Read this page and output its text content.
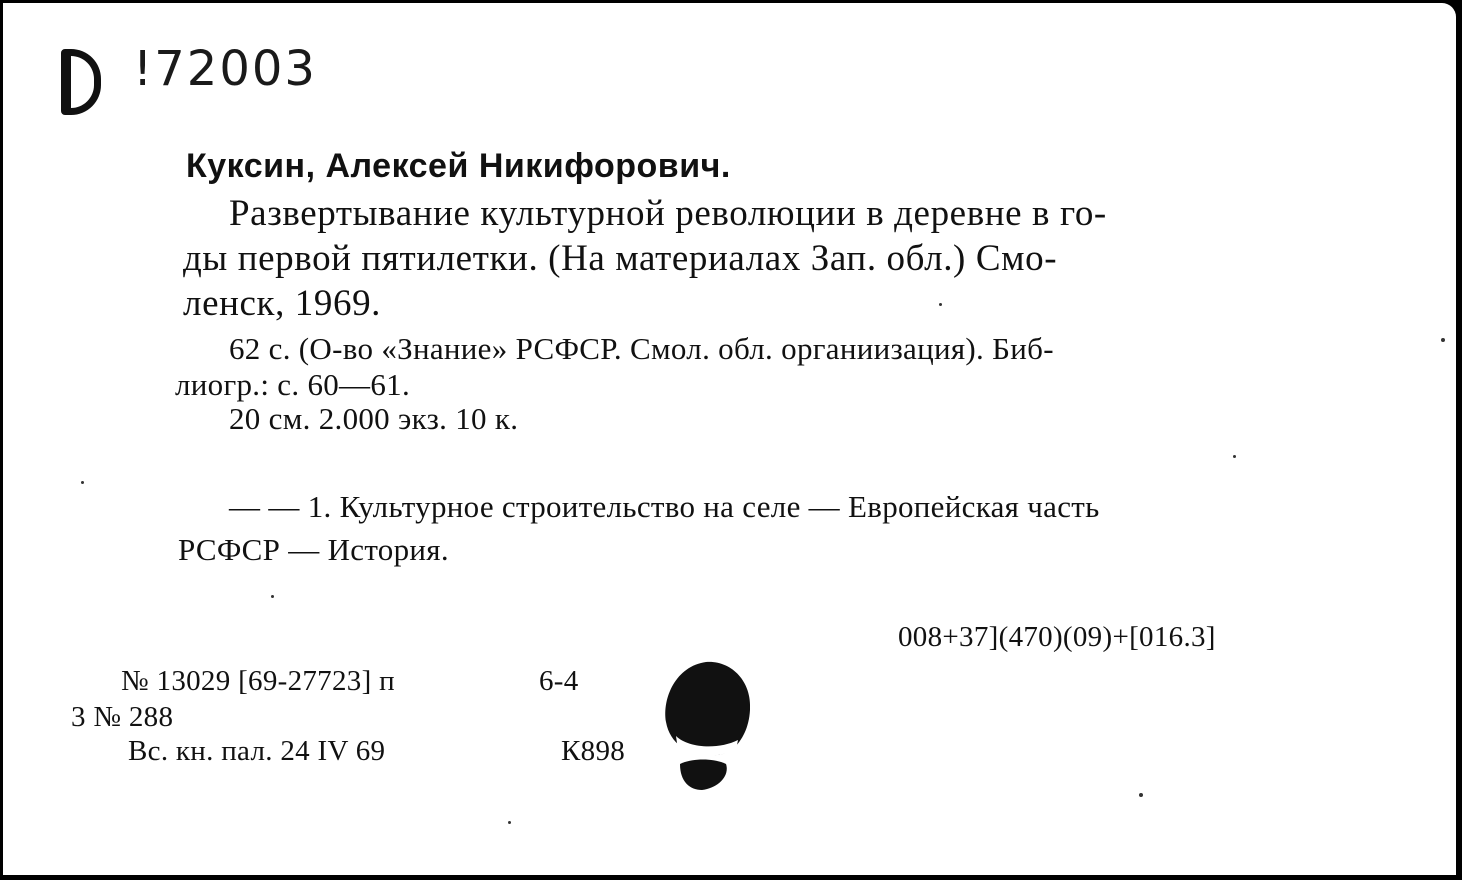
!72003
Куксин, Алексей Никифорович.
Развертывание культурной революции в деревне в го-
ды первой пятилетки. (На материалах Зап. обл.) Смо-
ленск, 1969.
62 с. (О-во «Знание» РСФСР. Смол. обл. органиизация). Биб-
лиогр.: с. 60—61.
20 см. 2.000 экз. 10 к.
— — 1. Культурное строительство на селе — Европейская часть
РСФСР — История.
008+37](470)(09)+[016.3]
№ 13029 [69-27723] п	6-4
3 № 288
Вс. кн. пал. 24 IV 69	К898
